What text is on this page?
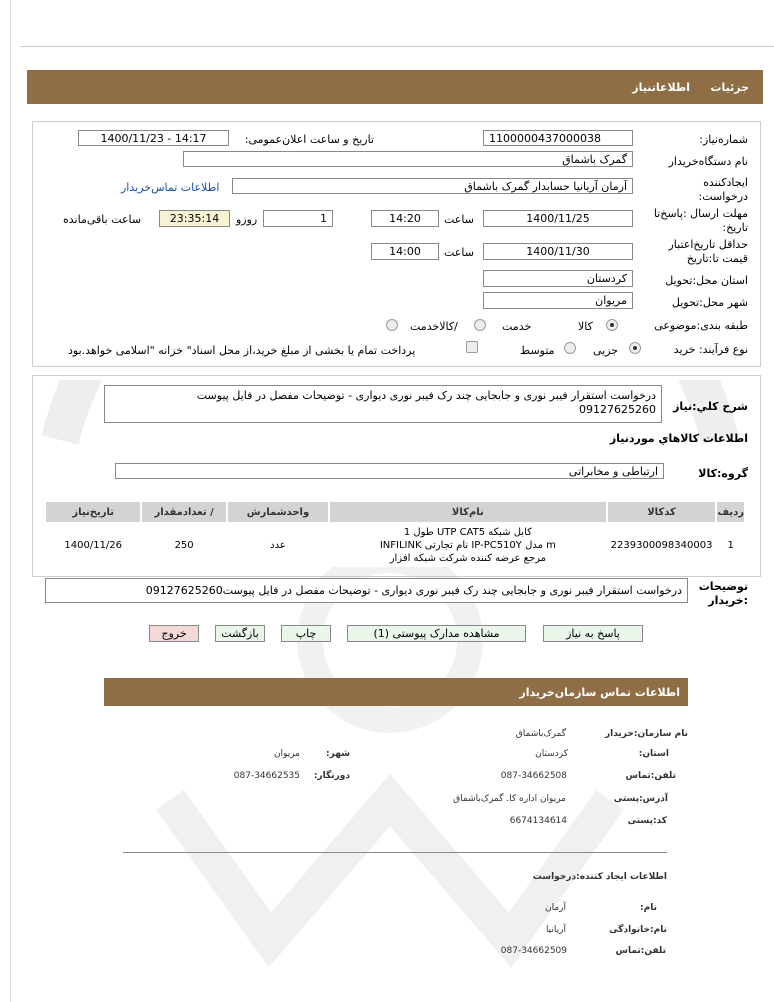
جزئیات
اطلاعاتنیاز
شماره‌نیاز:
1100000437000038
تاریخ و ساعت اعلان‌عمومی:
1400/11/23 - 14:17
نام دستگاه‌خریدار
گمرک باشماق
ایجادکننده
درخواست:
آرمان آریانیا حسابدار گمرک باشماق
اطلاعات تماس‌خریدار
مهلت ارسال :پاسخ‌تا
تاریخ:
1400/11/25
ساعت
14:20
1
روزو
23:35:14
ساعت باقی‌مانده
حداقل تاریخ‌اعتبار
قیمت تا:تاریخ
1400/11/30
ساعت
14:00
استان محل:تحویل
کردستان
شهر محل:تحویل
مریوان
طبقه بندی:موضوعی
کالا
خدمت
/کالاخدمت
نوع فرآیند: خرید
جزیی
متوسط
پرداخت تمام یا بخشی از مبلغ خرید،از محل اسناد" خزانه "اسلامی خواهد.بود
شرح کلي:نیاز
درخواست استقرار فیبر نوری و جابجایی چند رک فیبر نوری دیواری - توضیحات مفصل در فایل پیوست
09127625260
اطلاعات کالاهاي موردنیاز
گروه:کالا
ارتباطی و مخابراتی
ردیف	کدکالا	نام‌کالا	واحدشمارش	/ تعدادمقدار	تاریخ‌نیاز
1	2239300098340003	کابل شبکه UTP CAT5 طول 1
m مدل IP-PC510Y نام تجارتی INFILINK
مرجع عرضه کننده شرکت شبکه افزار	عدد	250	1400/11/26
توضیحات
:خریدار
درخواست استقرار فیبر نوری و جابجایی چند رک فیبر نوری دیواری - توضیحات مفصل در فایل پیوست09127625260
پاسخ به نیاز
مشاهده مدارک پیوستی (1)
چاپ
بازگشت
خروج
اطلاعات تماس سازمان‌خریدار
نام سازمان:خریدار
گمرک‌باشماق
استان:
کردستان
شهر:
مریوان
تلفن:تماس
087-34662508
دورنگار:
087-34662535
آدرس:پستی
مریوان اداره کا. گمرک‌باشماق
کد:پستی
6674134614
اطلاعات ایجاد کننده:درخواست
نام:
آرمان
نام:خانوادگی
آریانیا
تلفن:تماس
087-34662509
